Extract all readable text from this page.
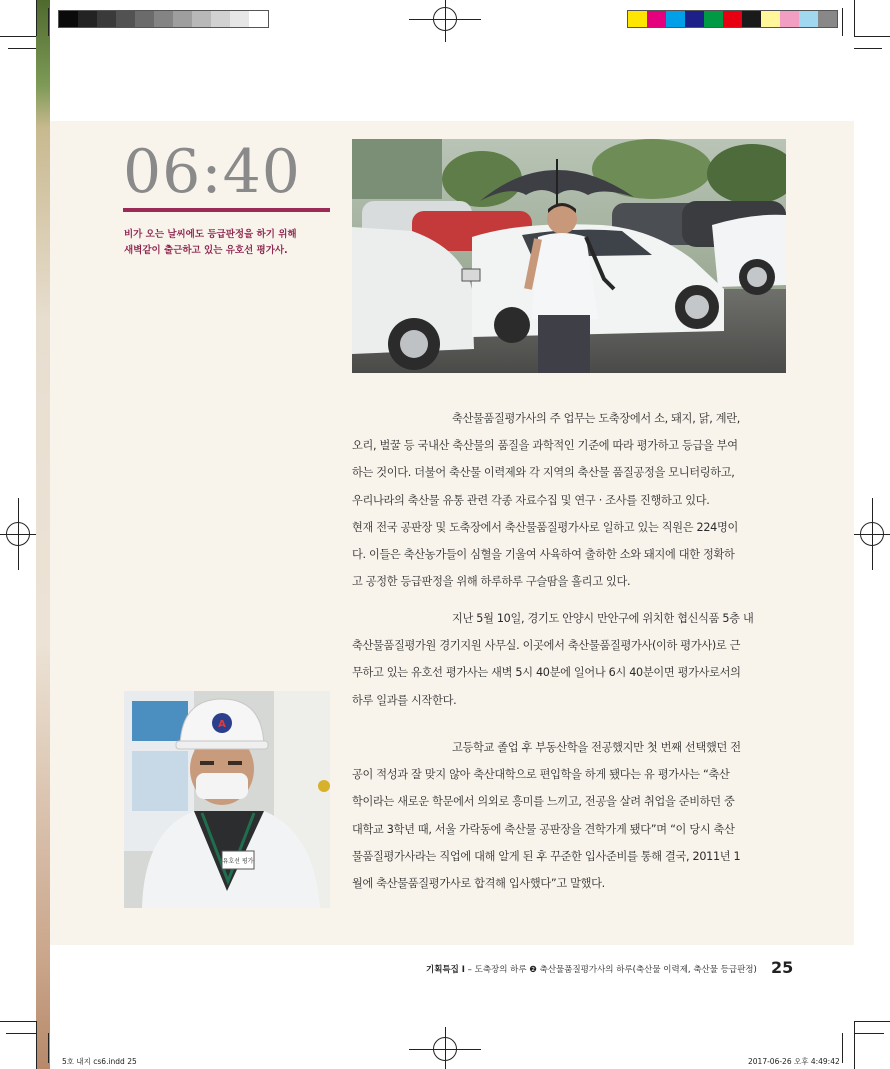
06:40
비가 오는 날씨에도 등급판정을 하기 위해
새벽같이 출근하고 있는 유호선 평가사.

축산물품질평가사의 주 업무는 도축장에서 소, 돼지, 닭, 계란,

오리, 벌꿀 등 국내산 축산물의 품질을 과학적인 기준에 따라 평가하고 등급을 부여

하는 것이다. 더불어 축산물 이력제와 각 지역의 축산물 품질공정을 모니터링하고,

우리나라의 축산물 유통 관련 각종 자료수집 및 연구 · 조사를 진행하고 있다.

현재 전국 공판장 및 도축장에서 축산물품질평가사로 일하고 있는 직원은 224명이

다. 이들은 축산농가들이 심혈을 기울여 사육하여 출하한 소와 돼지에 대한 정확하

고 공정한 등급판정을 위해 하루하루 구슬땀을 흘리고 있다.

지난 5월 10일, 경기도 안양시 만안구에 위치한 협신식품 5층 내

축산물품질평가원 경기지원 사무실. 이곳에서 축산물품질평가사(이하 평가사)로 근

무하고 있는 유호선 평가사는 새벽 5시 40분에 일어나 6시 40분이면 평가사로서의

하루 일과를 시작한다.

고등학교 졸업 후 부동산학을 전공했지만 첫 번째 선택했던 전

공이 적성과 잘 맞지 않아 축산대학으로 편입학을 하게 됐다는 유 평가사는 “축산

학이라는 새로운 학문에서 의외로 흥미를 느끼고, 전공을 살려 취업을 준비하던 중

대학교 3학년 때, 서울 가락동에 축산물 공판장을 견학가게 됐다”며 “이 당시 축산

물품질평가사라는 직업에 대해 알게 된 후 꾸준한 입사준비를 통해 결국, 2011년 1

월에 축산물품질평가사로 합격해 입사했다”고 말했다.

유호선 평가
A
기획특집 Ⅰ – 도축장의 하루 ❷ 축산물품질평가사의 하루(축산물 이력제, 축산물 등급판정) 25
5호 내지 cs6.indd 25	2017-06-26 오후 4:49:42
